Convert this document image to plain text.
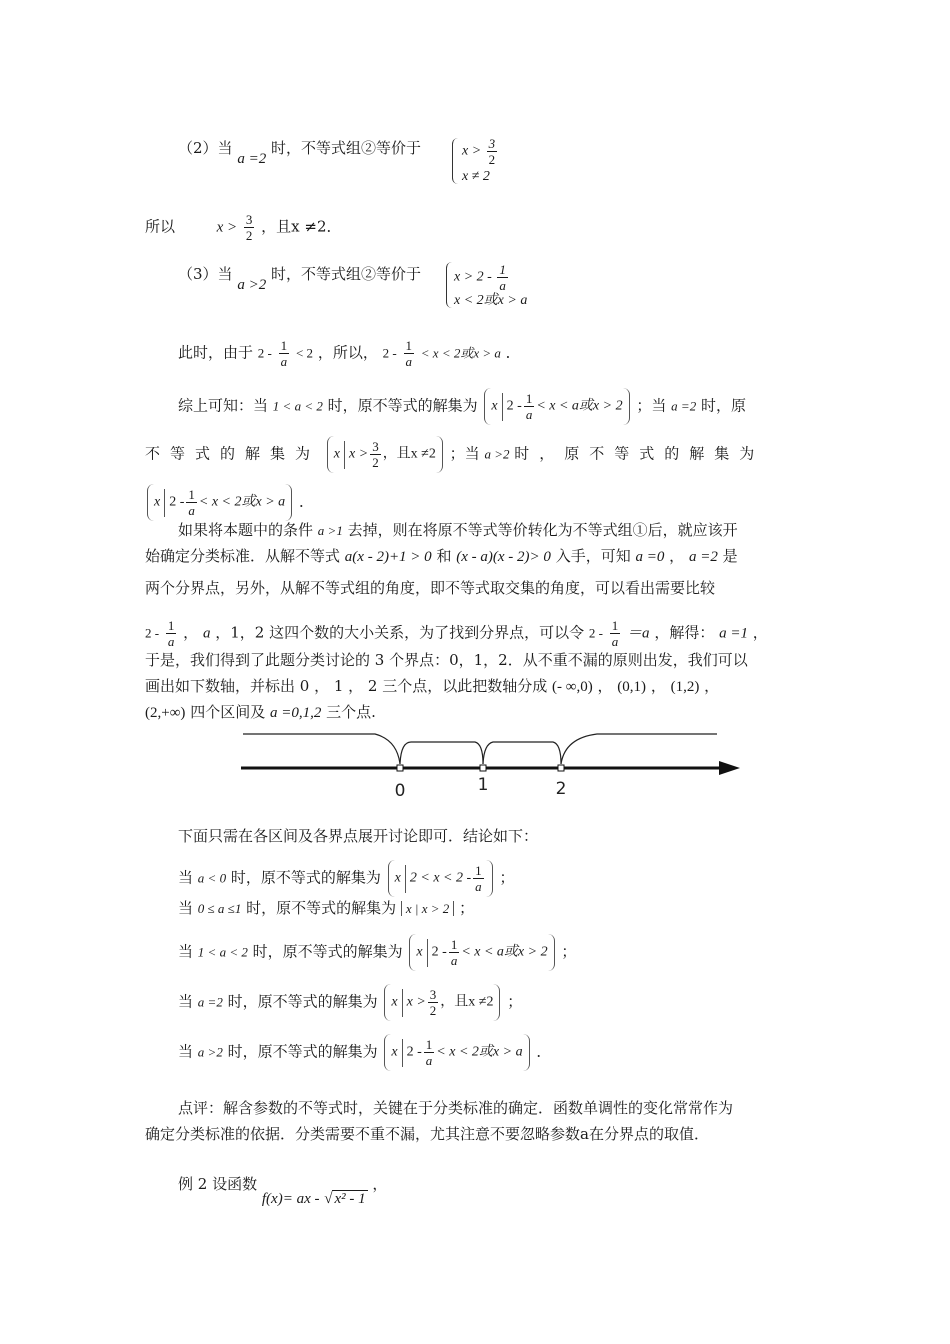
（2）当 a =2 时，不等式组②等价于	$x > \frac{3}{2}$
x ≠ 2
所以	$x > \frac{3}{2}$ ，且x ≠2．
（3）当 a >2 时，不等式组②等价于 $x > 2 - \frac{1}{a}$
x < 2或x > a
此时，由于 $2 - \frac{1}{a} < 2$ ，所以， $2 - \frac{1}{a} < x < 2$或x > a ．
综上可知：当 1 < a < 2 时，原不等式的解集为 x $2 - \frac{1}{a} < x < a$或x > 2 ；当 a =2 时，原
不等式的解集为 x $x > \frac{3}{2}$ ，且x ≠2 ；当 a >2 时，原不等式的解集为
x $2 - \frac{1}{a} < x < 2$或x > a ．
如果将本题中的条件 a >1 去掉，则在将原不等式等价转化为不等式组①后，就应该开
始确定分类标准．从解不等式 a(x - 2)+1 > 0 和 (x - a)(x - 2)> 0 入手，可知 a =0 ， a =2 是
两个分界点，另外，从解不等式组的角度，即不等式取交集的角度，可以看出需要比较
$2 - \frac{1}{a}$ ， a ，1，2 这四个数的大小关系，为了找到分界点，可以令 $2 - \frac{1}{a} =a$ ，解得： a =1 ，
于是，我们得到了此题分类讨论的 3 个界点：0，1，2．从不重不漏的原则出发，我们可以
画出如下数轴，并标出 0 ， 1 ， 2 三个点，以此把数轴分成 (- ∞,0) ， (0,1) ， (1,2) ，
(2,+∞) 四个区间及 a =0,1,2 三个点.
0	1	2
下面只需在各区间及各界点展开讨论即可．结论如下：
当 a < 0 时，原不等式的解集为 x $2 < x < 2 - \frac{1}{a}$ ；
当 0 ≤ a ≤1 时，原不等式的解集为 x | x > 2 ；
当 1 < a < 2 时，原不等式的解集为 x $2 - \frac{1}{a} < x < a$或x > 2 ；
当 a =2 时，原不等式的解集为 x $x > \frac{3}{2}$ ，且x ≠2 ；
当 a >2 时，原不等式的解集为 x $2 - \frac{1}{a} < x < 2$或x > a ．
点评：解含参数的不等式时，关键在于分类标准的确定．函数单调性的变化常常作为
确定分类标准的依据．分类需要不重不漏，尤其注意不要忽略参数a在分界点的取值．
例 2 设函数 f(x)= ax - √ x² - 1 ，
